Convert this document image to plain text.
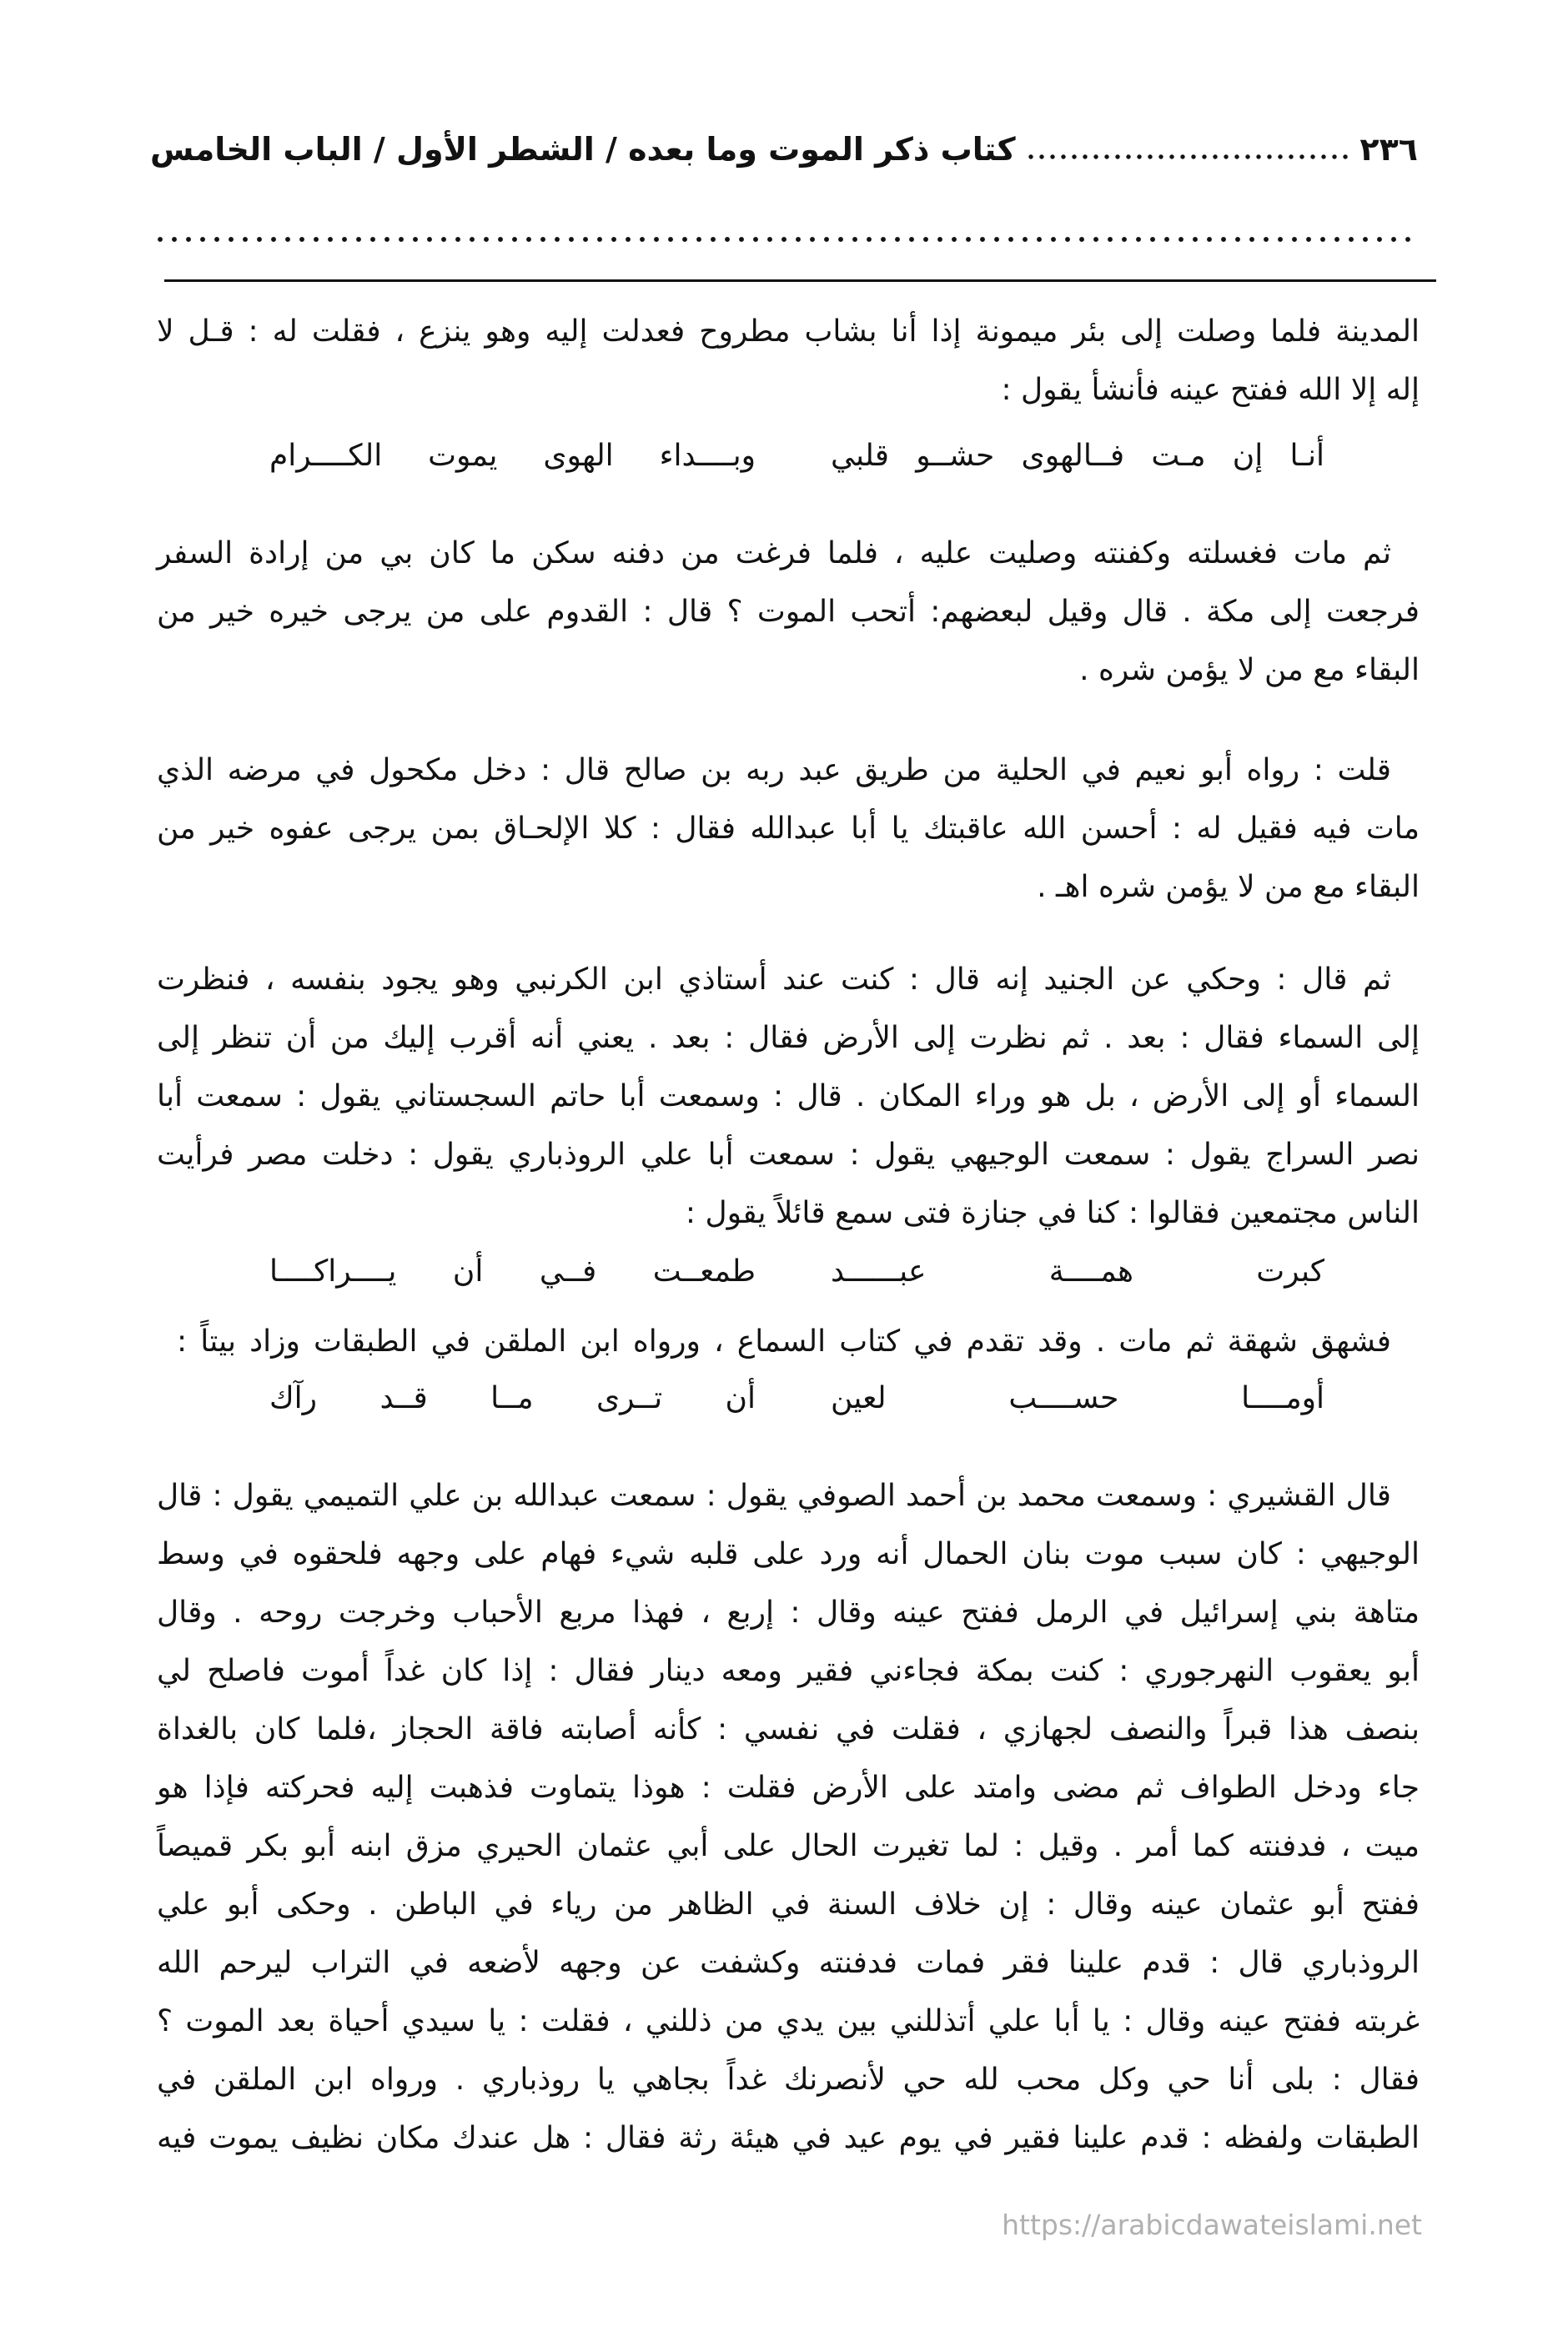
٢٣٦
كتاب ذكر الموت وما بعده / الشطر الأول / الباب الخامس
المدينة فلما وصلت إلى بئر ميمونة إذا أنا بشاب مطروح فعدلت إليه وهو ينزع ، فقلت له : قـل لا
إله إلا الله ففتح عينه فأنشأ يقول :
أنـا إن مـت فــالهوى حشــو قلبي
وبــــداء الهوى يموت الكــــرام
ثم مات فغسلته وكفنته وصليت عليه ، فلما فرغت من دفنه سكن ما كان بي من إرادة السفر
فرجعت إلى مكة . قال وقيل لبعضهم: أتحب الموت ؟ قال : القدوم على من يرجى خيره خير من
البقاء مع من لا يؤمن شره .
قلت : رواه أبو نعيم في الحلية من طريق عبد ربه بن صالح قال : دخل مكحول في مرضه الذي
مات فيه فقيل له : أحسن الله عاقبتك يا أبا عبدالله فقال : كلا الإلحـاق بمن يرجى عفوه خير من
البقاء مع من لا يؤمن شره اهـ .
ثم قال : وحكي عن الجنيد إنه قال : كنت عند أستاذي ابن الكرنبي وهو يجود بنفسه ، فنظرت
إلى السماء فقال : بعد . ثم نظرت إلى الأرض فقال : بعد . يعني أنه أقرب إليك من أن تنظر إلى
السماء أو إلى الأرض ، بل هو وراء المكان . قال : وسمعت أبا حاتم السجستاني يقول : سمعت أبا
نصر السراج يقول : سمعت الوجيهي يقول : سمعت أبا علي الروذباري يقول : دخلت مصر فرأيت
الناس مجتمعين فقالوا : كنا في جنازة فتى سمع قائلاً يقول :
كبرت همــــة عبــــــد
طمعــت فــي أن يــــراكــــا
فشهق شهقة ثم مات . وقد تقدم في كتاب السماع ، ورواه ابن الملقن في الطبقات وزاد بيتاً :
أومــــا حســــب لعين
أن تــرى مــا قــد رآك
قال القشيري : وسمعت محمد بن أحمد الصوفي يقول : سمعت عبدالله بن علي التميمي يقول : قال
الوجيهي : كان سبب موت بنان الحمال أنه ورد على قلبه شيء فهام على وجهه فلحقوه في وسط
متاهة بني إسرائيل في الرمل ففتح عينه وقال : إربع ، فهذا مربع الأحباب وخرجت روحه . وقال
أبو يعقوب النهرجوري : كنت بمكة فجاءني فقير ومعه دينار فقال : إذا كان غداً أموت فاصلح لي
بنصف هذا قبراً والنصف لجهازي ، فقلت في نفسي : كأنه أصابته فاقة الحجاز ،فلما كان بالغداة
جاء ودخل الطواف ثم مضى وامتد على الأرض فقلت : هوذا يتماوت فذهبت إليه فحركته فإذا هو
ميت ، فدفنته كما أمر . وقيل : لما تغيرت الحال على أبي عثمان الحيري مزق ابنه أبو بكر قميصاً
ففتح أبو عثمان عينه وقال : إن خلاف السنة في الظاهر من رياء في الباطن . وحكى أبو علي
الروذباري قال : قدم علينا فقر فمات فدفنته وكشفت عن وجهه لأضعه في التراب ليرحم الله
غربته ففتح عينه وقال : يا أبا علي أتذللني بين يدي من ذللني ، فقلت : يا سيدي أحياة بعد الموت ؟
فقال : بلى أنا حي وكل محب لله حي لأنصرنك غداً بجاهي يا روذباري . ورواه ابن الملقن في
الطبقات ولفظه : قدم علينا فقير في يوم عيد في هيئة رثة فقال : هل عندك مكان نظيف يموت فيه
https://arabicdawateislami.net
